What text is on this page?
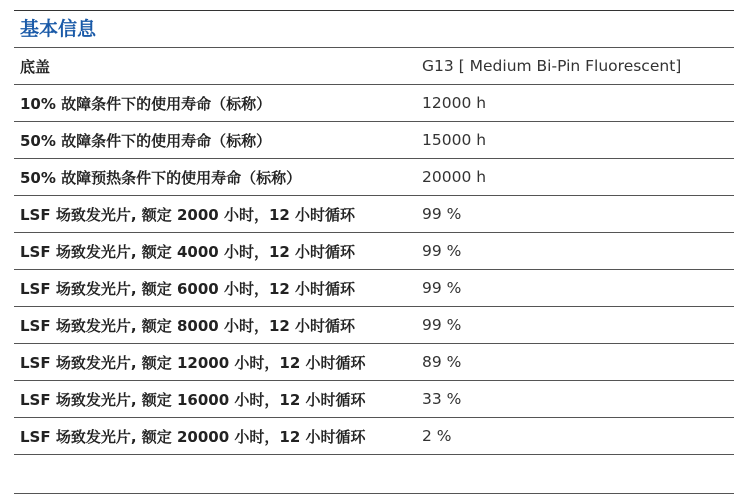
基本信息
底盖	G13 [ Medium Bi-Pin Fluorescent]
10% 故障条件下的使用寿命（标称）	12000 h
50% 故障条件下的使用寿命（标称）	15000 h
50% 故障预热条件下的使用寿命（标称）	20000 h
LSF 场致发光片, 额定 2000 小时，12 小时循环	99 %
LSF 场致发光片, 额定 4000 小时，12 小时循环	99 %
LSF 场致发光片, 额定 6000 小时，12 小时循环	99 %
LSF 场致发光片, 额定 8000 小时，12 小时循环	99 %
LSF 场致发光片, 额定 12000 小时，12 小时循环	89 %
LSF 场致发光片, 额定 16000 小时，12 小时循环	33 %
LSF 场致发光片, 额定 20000 小时，12 小时循环	2 %
